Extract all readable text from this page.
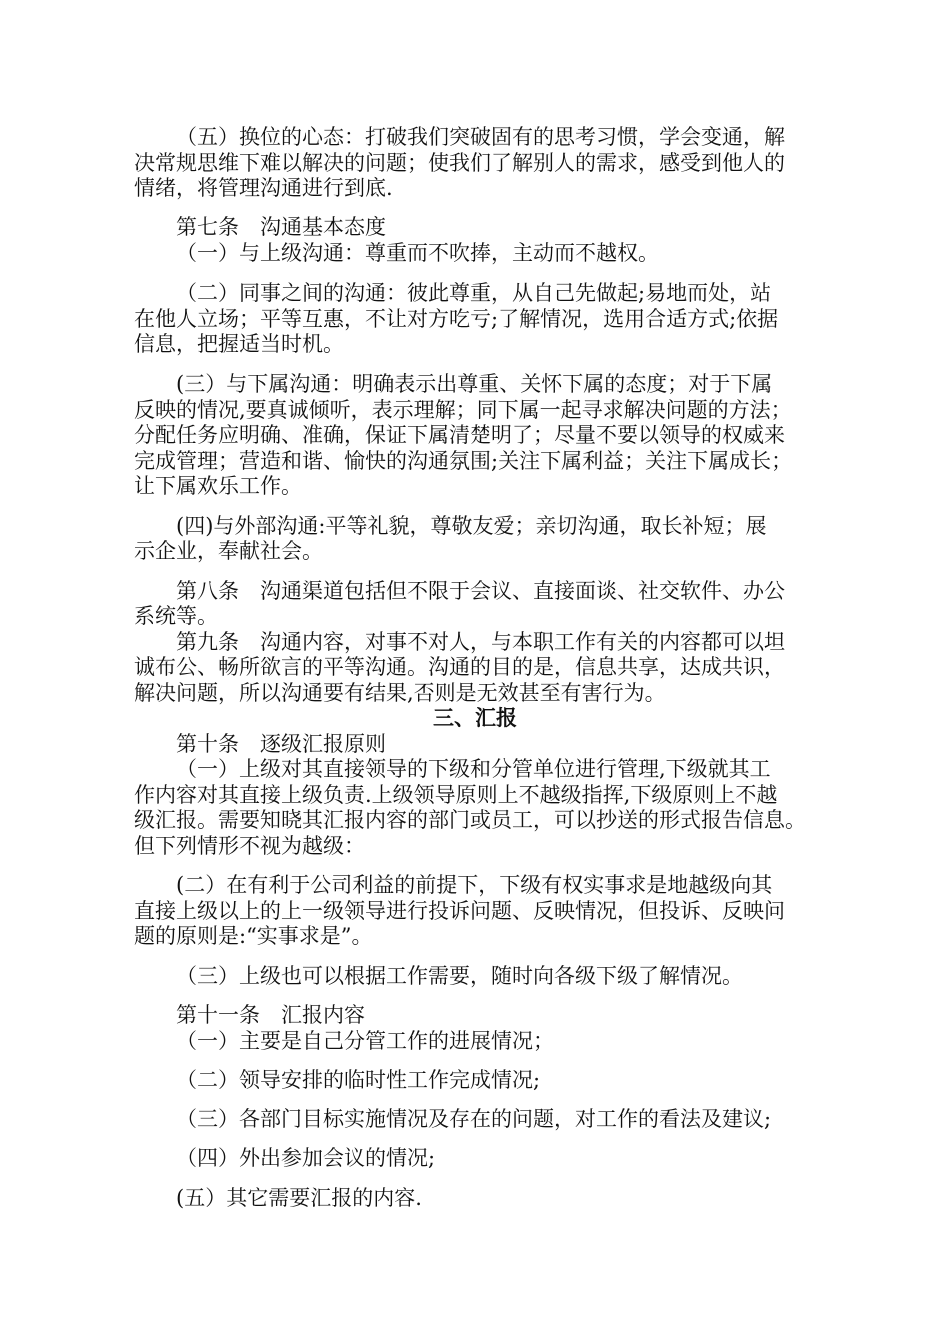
（五）换位的心态：打破我们突破固有的思考习惯，学会变通，解
决常规思维下难以解决的问题；使我们了解别人的需求，感受到他人的
情绪，将管理沟通进行到底.
第七条　沟通基本态度
（一）与上级沟通：尊重而不吹捧，主动而不越权。
（二）同事之间的沟通：彼此尊重，从自己先做起;易地而处，站
在他人立场；平等互惠，不让对方吃亏;了解情况，选用合适方式;依据
信息，把握适当时机。
(三）与下属沟通：明确表示出尊重、关怀下属的态度；对于下属
反映的情况,要真诚倾听，表示理解；同下属一起寻求解决问题的方法；
分配任务应明确、准确，保证下属清楚明了；尽量不要以领导的权威来
完成管理；营造和谐、愉快的沟通氛围;关注下属利益；关注下属成长；
让下属欢乐工作。
(四)与外部沟通:平等礼貌，尊敬友爱；亲切沟通，取长补短；展
示企业，奉献社会。
第八条　沟通渠道包括但不限于会议、直接面谈、社交软件、办公
系统等。
第九条　沟通内容，对事不对人，与本职工作有关的内容都可以坦
诚布公、畅所欲言的平等沟通。沟通的目的是，信息共享，达成共识，
解决问题，所以沟通要有结果,否则是无效甚至有害行为。
三、汇报
第十条　逐级汇报原则
（一）上级对其直接领导的下级和分管单位进行管理,下级就其工
作内容对其直接上级负责.上级领导原则上不越级指挥,下级原则上不越
级汇报。需要知晓其汇报内容的部门或员工，可以抄送的形式报告信息。
但下列情形不视为越级：
(二）在有利于公司利益的前提下，下级有权实事求是地越级向其
直接上级以上的上一级领导进行投诉问题、反映情况，但投诉、反映问
题的原则是:“实事求是”。
（三）上级也可以根据工作需要，随时向各级下级了解情况。
第十一条　汇报内容
（一）主要是自己分管工作的进展情况；
（二）领导安排的临时性工作完成情况;
（三）各部门目标实施情况及存在的问题，对工作的看法及建议;
（四）外出参加会议的情况;
(五）其它需要汇报的内容.
